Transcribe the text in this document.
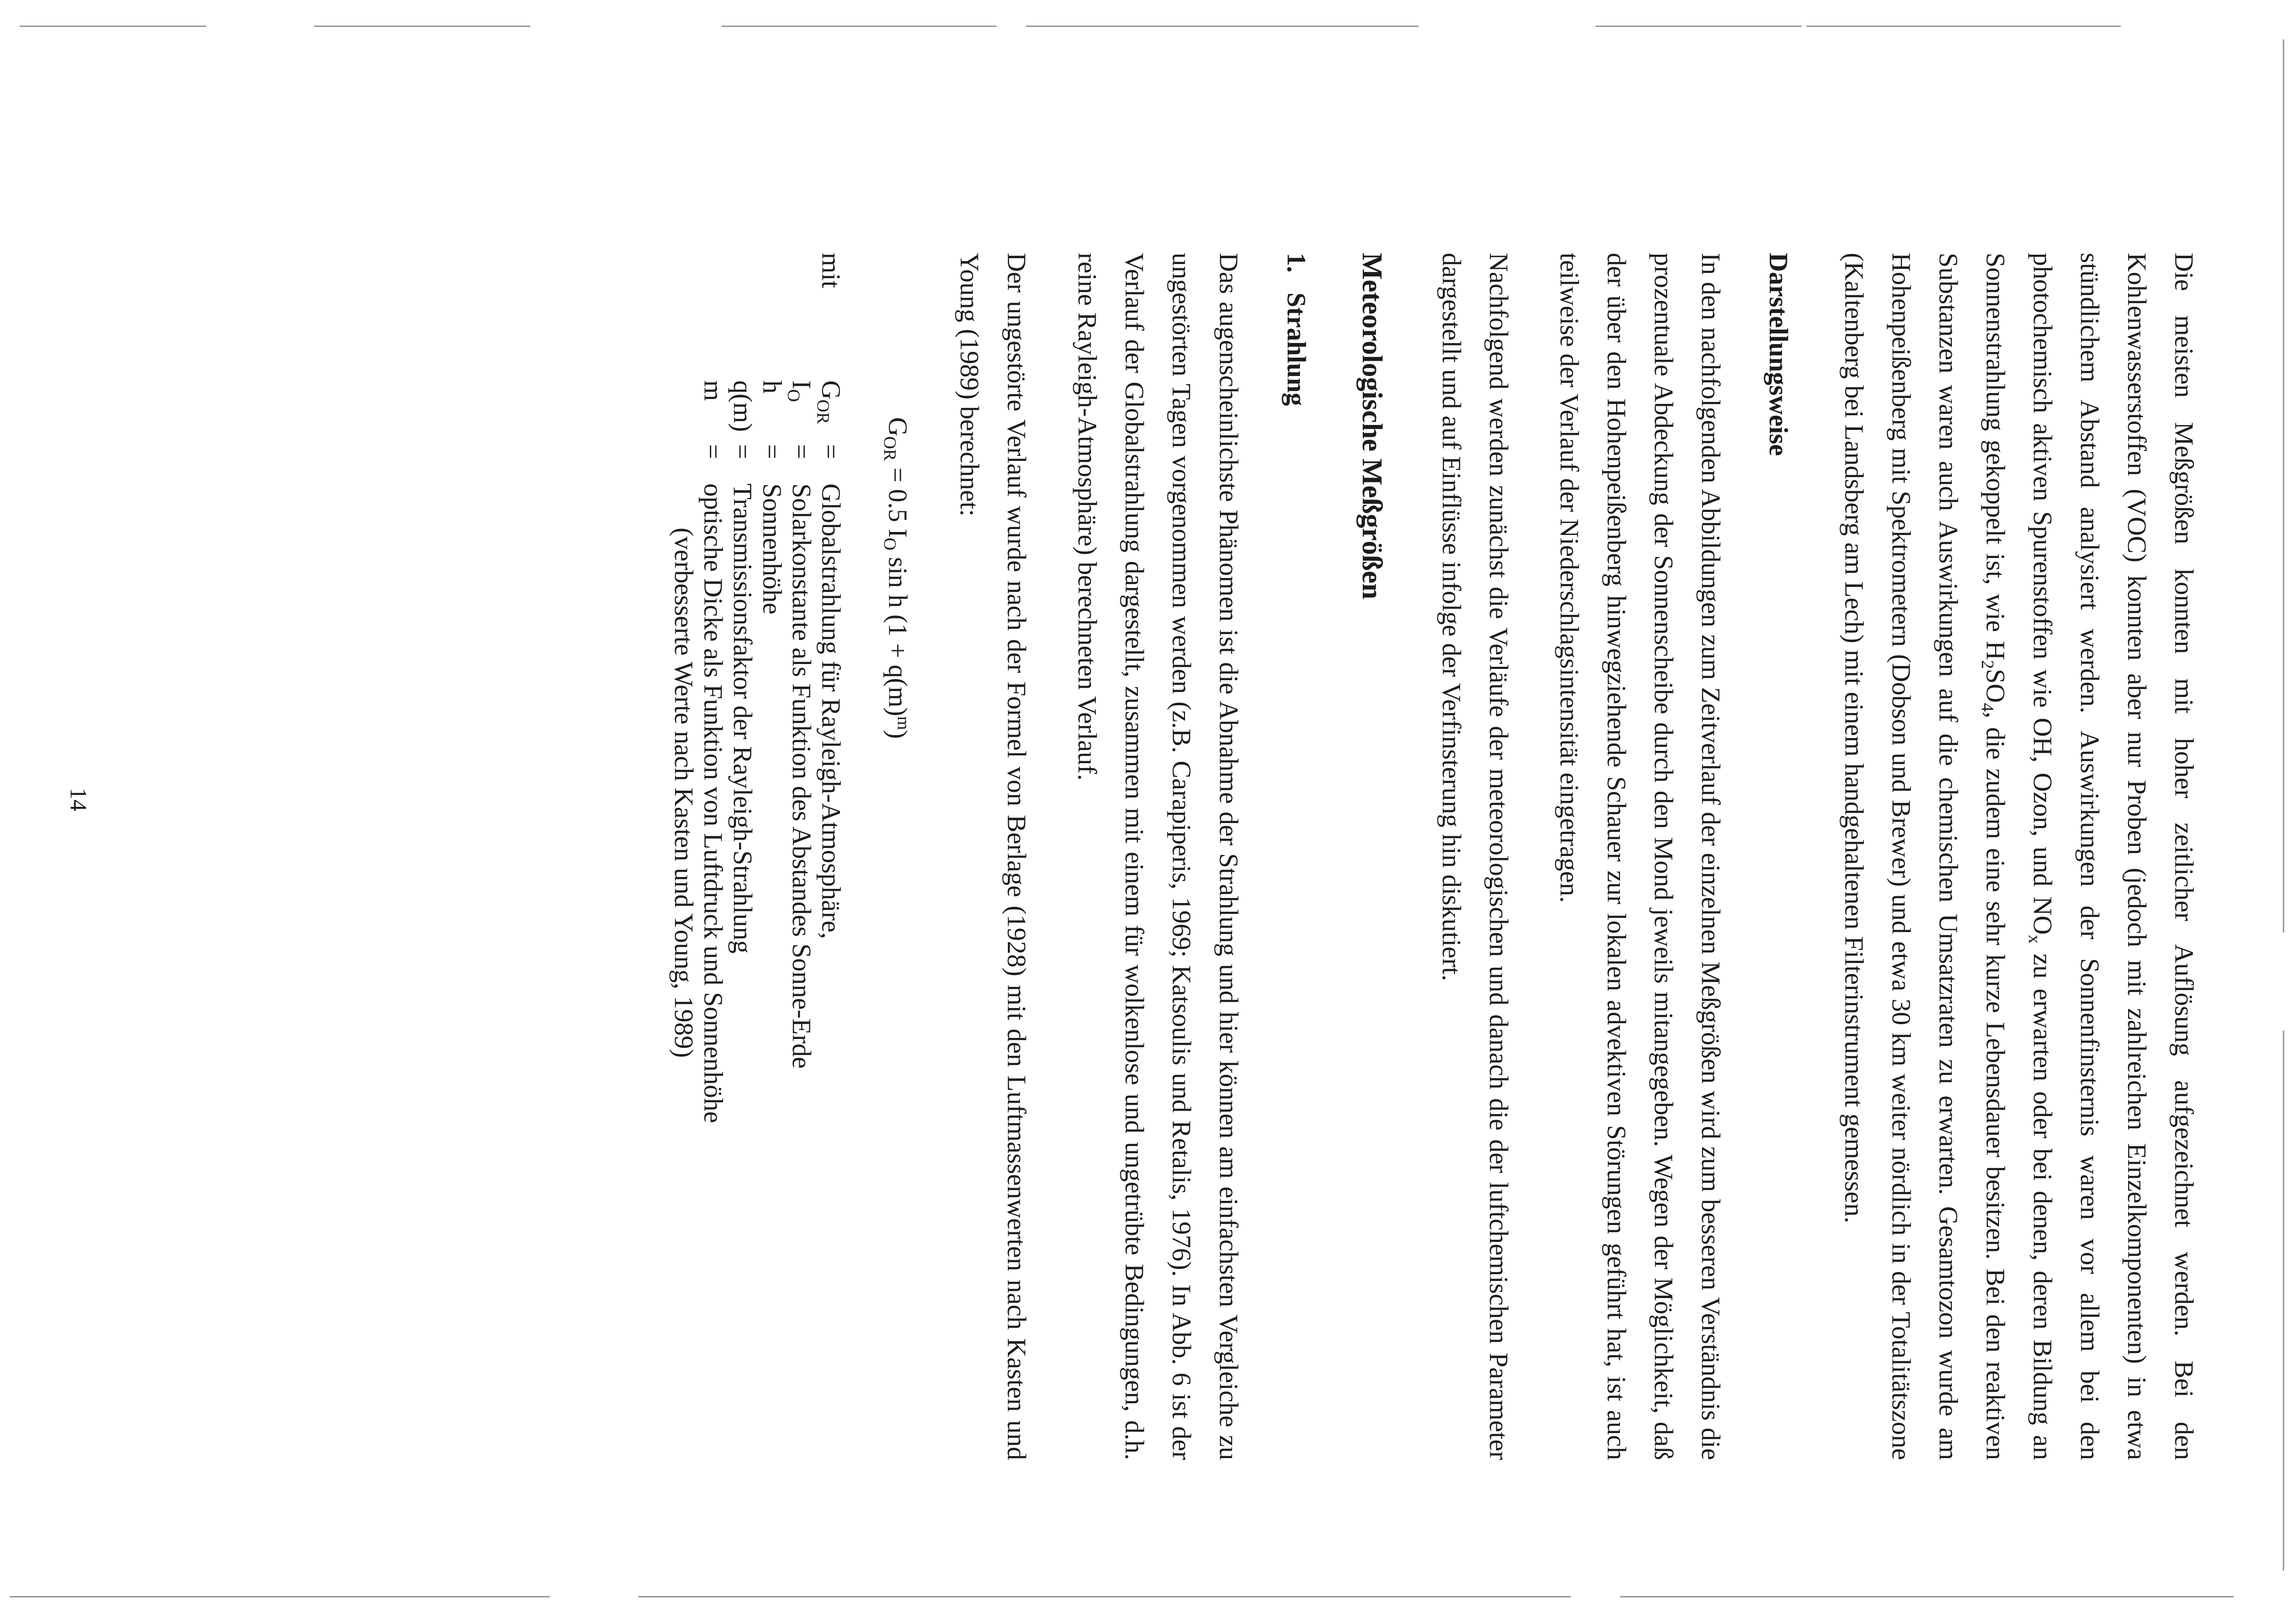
Die meisten Meßgrößen konnten mit hoher zeitlicher Auflösung aufgezeichnet werden. Bei den Kohlenwasserstoffen (VOC) konnten aber nur Proben (jedoch mit zahlreichen Einzelkomponenten) in etwa stündlichem Abstand analysiert werden. Auswirkungen der Sonnenfinsternis waren vor allem bei den photochemisch aktiven Spurenstoffen wie OH, Ozon, und $NO_x$ zu erwarten oder bei denen, deren Bildung an Sonnenstrahlung gekoppelt ist, wie $H_2SO_4$, die zudem eine sehr kurze Lebensdauer besitzen. Bei den reaktiven Substanzen waren auch Auswirkungen auf die chemischen Umsatzraten zu erwarten. Gesamtozon wurde am Hohenpeißenberg mit Spektrometern (Dobson und Brewer) und etwa 30 km weiter nördlich in der Totalitätszone (Kaltenberg bei Landsberg am Lech) mit einem handgehaltenen Filterinstrument gemessen.

Darstellungsweise

In den nachfolgenden Abbildungen zum Zeitverlauf der einzelnen Meßgrößen wird zum besseren Verständnis die prozentuale Abdeckung der Sonnenscheibe durch den Mond jeweils mitangegeben. Wegen der Möglichkeit, daß der über den Hohenpeißenberg hinwegziehende Schauer zur lokalen advektiven Störungen geführt hat, ist auch teilweise der Verlauf der Niederschlagsintensität eingetragen.

Nachfolgend werden zunächst die Verläufe der meteorologischen und danach die der luftchemischen Parameter dargestellt und auf Einflüsse infolge der Verfinsterung hin diskutiert.

Meteorologische Meßgrößen
1.   Strahlung

Das augenscheinlichste Phänomen ist die Abnahme der Strahlung und hier können am einfachsten Vergleiche zu ungestörten Tagen vorgenommen werden (z.B. Carapiperis, 1969; Katsoulis und Retalis, 1976). In Abb. 6 ist der Verlauf der Globalstrahlung dargestellt, zusammen mit einem für wolkenlose und ungetrübte Bedingungen, d.h. reine Rayleigh-Atmosphäre) berechneten Verlauf.

Der ungestörte Verlauf wurde nach der Formel von Berlage (1928) mit den Luftmassenwerten nach Kasten und Young (1989) berechnet:

$G_{OR} = 0.5$ $I_O$ sin h $(1 + q(m)^m)$
mit
$G_{OR}$
=
Globalstrahlung für Rayleigh-Atmosphäre,
$I_O$
=
Solarkonstante als Funktion des Abstandes Sonne-Erde
h
=
Sonnenhöhe
q(m)
=
Transmissionsfaktor der Rayleigh-Strahlung
m
=
optische Dicke als Funktion von Luftdruck und Sonnenhöhe
(verbesserte Werte nach Kasten und Young, 1989)
14
